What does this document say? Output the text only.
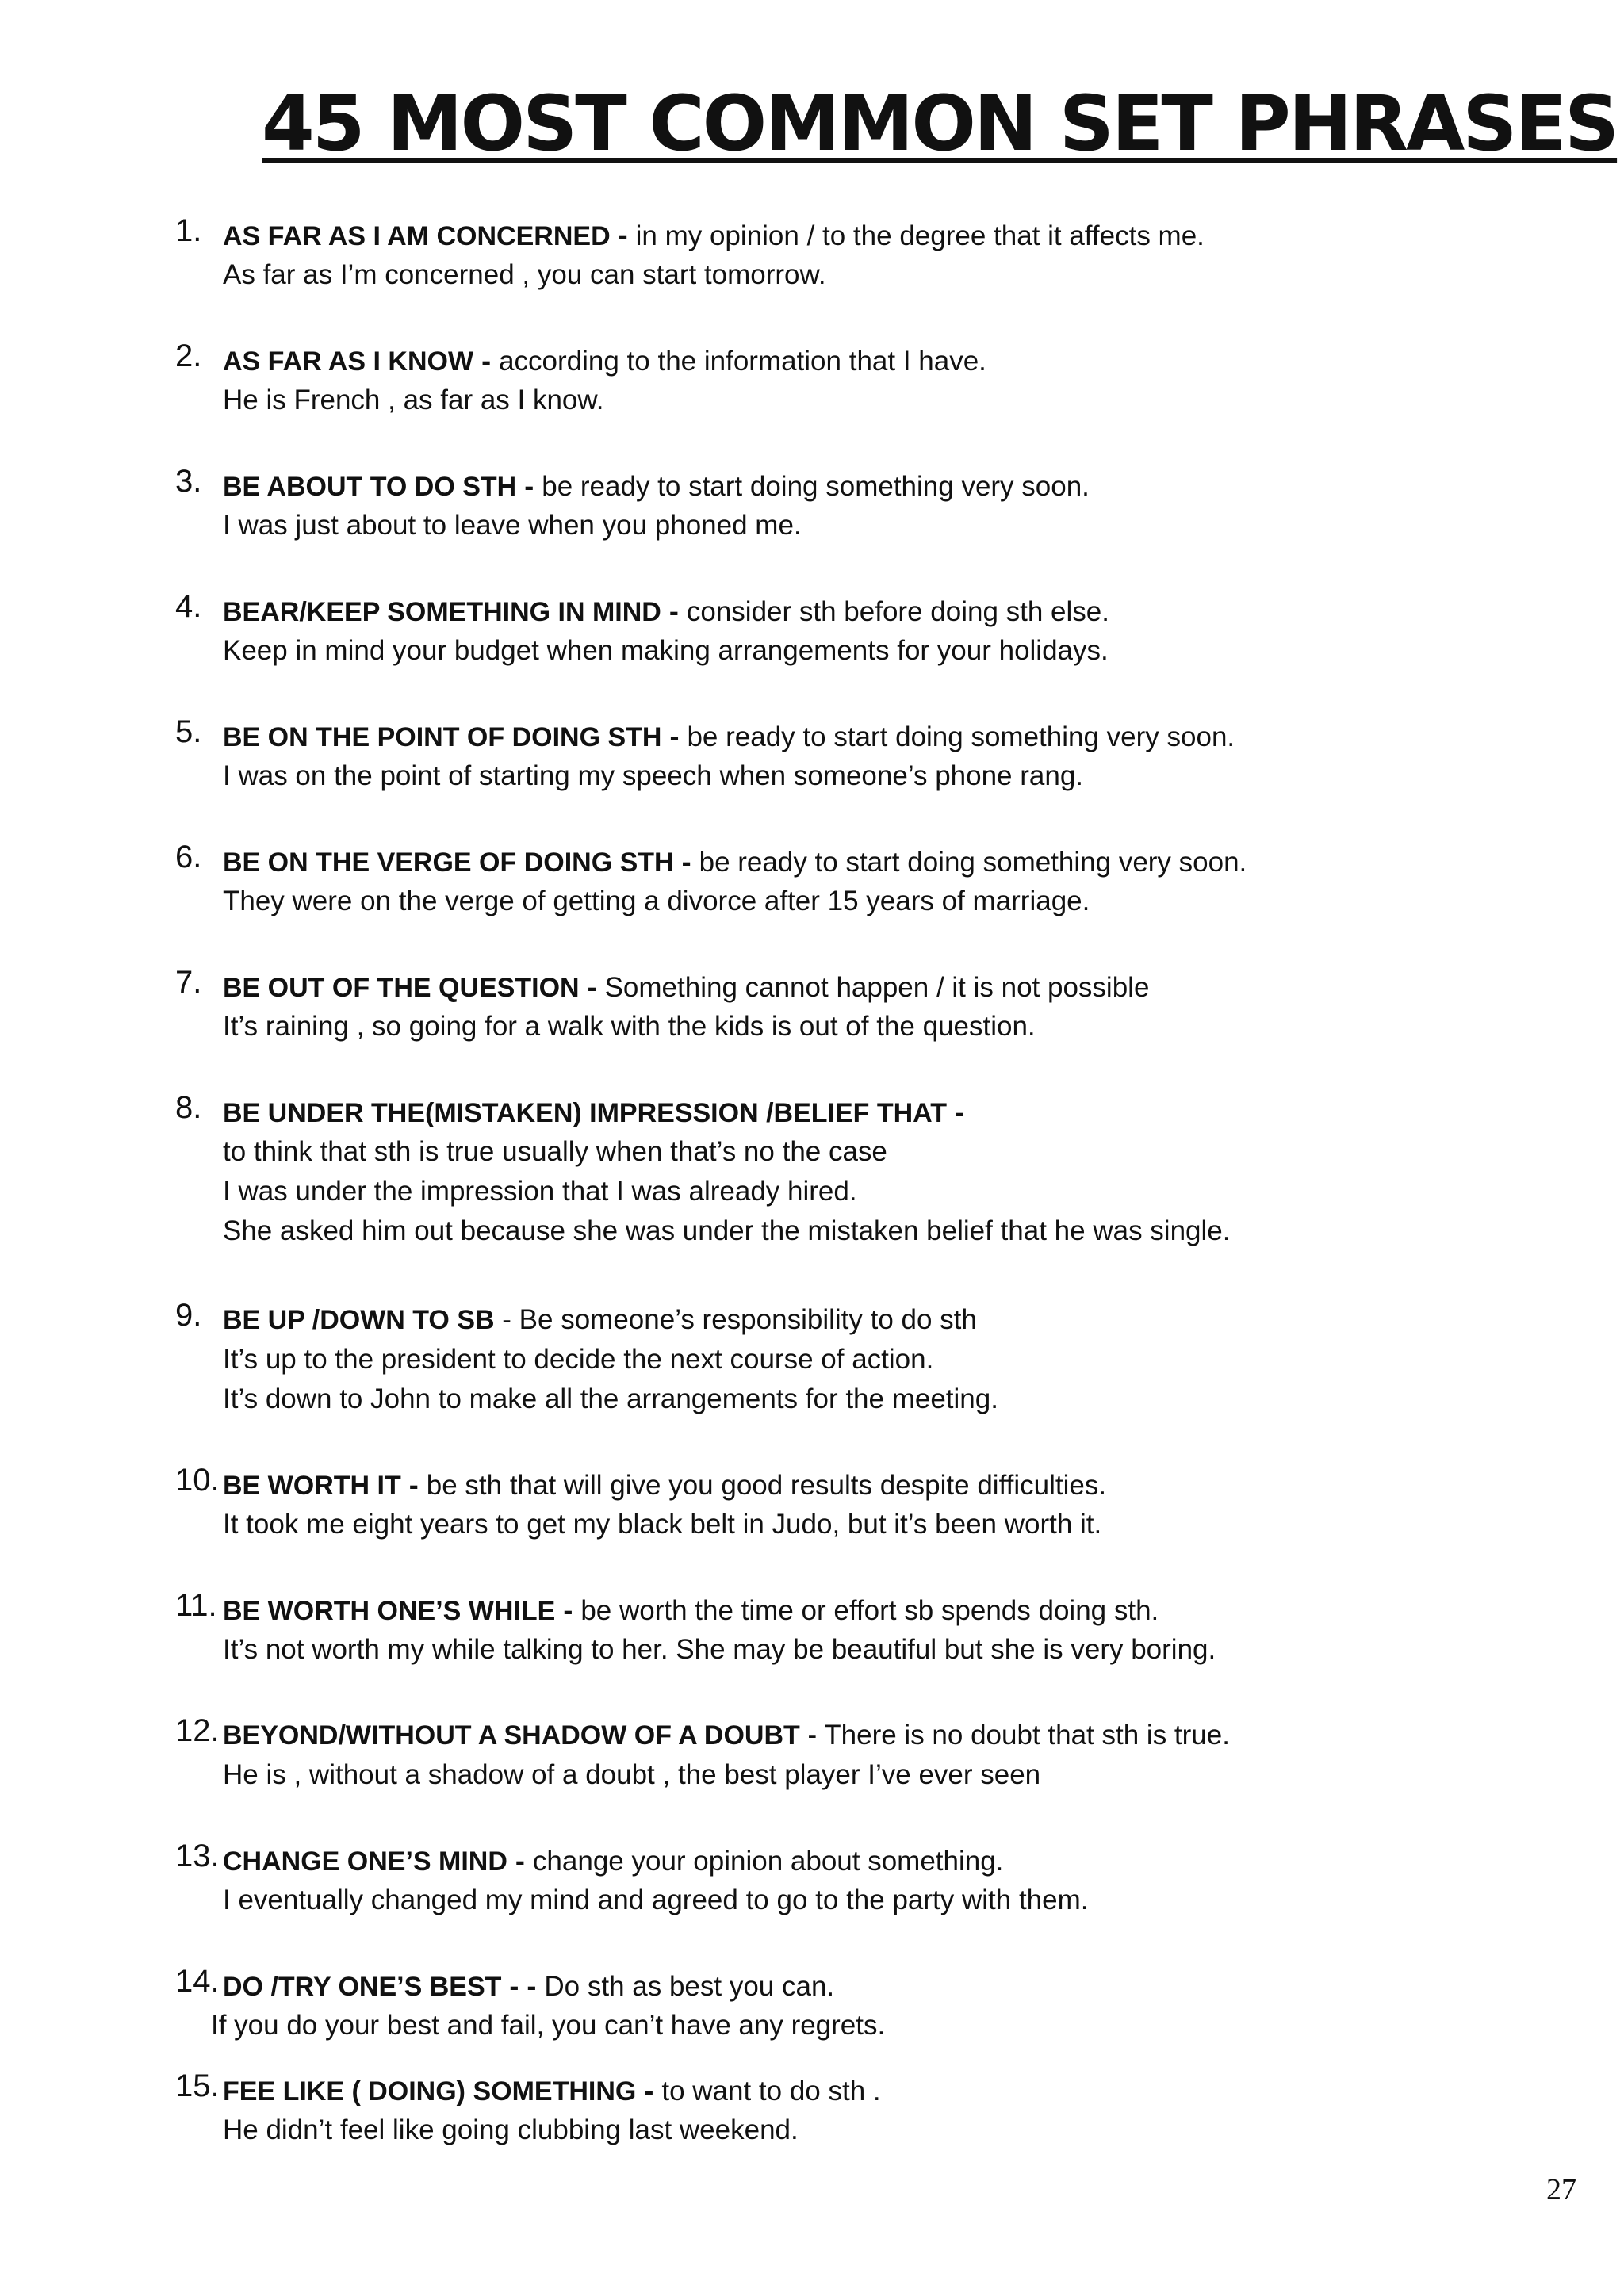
45 MOST COMMON SET PHRASES
1. AS FAR AS I AM CONCERNED - in my opinion / to the degree that it affects me.
As far as I’m concerned , you can start tomorrow.
2. AS FAR AS I KNOW - according to the information that I have.
He is French , as far as I know.
3. BE ABOUT TO DO STH - be ready to start doing something very soon.
I was just about to leave when you phoned me.
4. BEAR/KEEP SOMETHING IN MIND - consider sth before doing sth else.
Keep in mind your budget when making arrangements for your holidays.
5. BE ON THE POINT OF DOING STH - be ready to start doing something very soon.
I was on the point of starting my speech when someone’s phone rang.
6. BE ON THE VERGE OF DOING STH - be ready to start doing something very soon.
They were on the verge of getting a divorce after 15 years of marriage.
7. BE OUT OF THE QUESTION - Something cannot happen / it is not possible
It’s raining , so going for a walk with the kids is out of the question.
8. BE UNDER THE(MISTAKEN) IMPRESSION /BELIEF THAT -
to think that sth is true usually when that’s no the case
I was under the impression that I was already hired.
She asked him out because she was under the mistaken belief that he was single.
9. BE UP /DOWN TO SB - Be someone’s responsibility to do sth
It’s up to the president to decide the next course of action.
It’s down to John to make all the arrangements for the meeting.
10. BE WORTH IT - be sth that will give you good results despite difficulties.
It took me eight years to get my black belt in Judo, but it’s been worth it.
11. BE WORTH ONE’S WHILE - be worth the time or effort sb spends doing sth.
It’s not worth my while talking to her. She may be beautiful but she is very boring.
12. BEYOND/WITHOUT A SHADOW OF A DOUBT - There is no doubt that sth is true.
He is , without a shadow of a doubt , the best player I’ve ever seen
13. CHANGE ONE’S MIND - change your opinion about something.
I eventually changed my mind and agreed to go to the party with them.
14. DO /TRY ONE’S BEST - - Do sth as best you can.
If you do your best and fail, you can’t have any regrets.
15. FEE LIKE ( DOING) SOMETHING - to want to do sth .
He didn’t feel like going clubbing last weekend.
27
